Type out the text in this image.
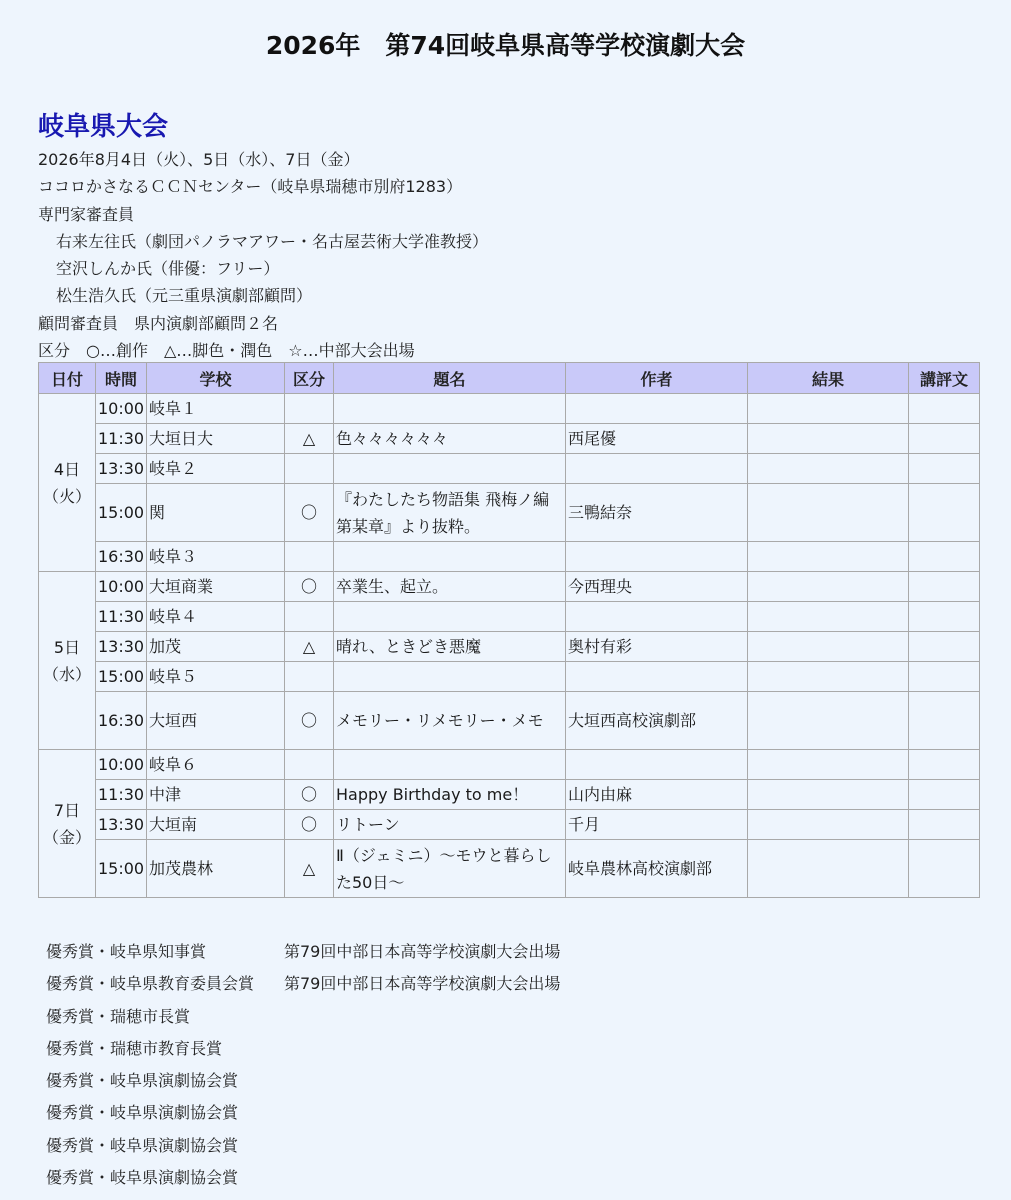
2026年　第74回岐阜県高等学校演劇大会
岐阜県大会
2026年8月4日（火）、5日（水）、7日（金）
ココロかさなるＣＣＮセンター（岐阜県瑞穂市別府1283）
専門家審査員
右来左往氏（劇団パノラマアワー・名古屋芸術大学准教授）
空沢しんか氏（俳優：フリー）
松生浩久氏（元三重県演劇部顧問）
顧問審査員　県内演劇部顧問２名
区分　○…創作　△…脚色・潤色　☆…中部大会出場
日付	時間	学校	区分	題名	作者	結果	講評文

4日
（火）	10:00	岐阜１					
	11:30	大垣日大	△	色々々々々々々	西尾優		
	13:30	岐阜２					
	15:00	関	〇	『わたしたち物語集 飛梅ノ編 第某章』より抜粋。	三鴨結奈		
	16:30	岐阜３					

5日
（水）	10:00	大垣商業	〇	卒業生、起立。	今西理央		
	11:30	岐阜４					
	13:30	加茂	△	晴れ、ときどき悪魔	奥村有彩		
	15:00	岐阜５					
	16:30	大垣西	〇	メモリー・リメモリー・メモ	大垣西高校演劇部		

7日
（金）	10:00	岐阜６					
	11:30	中津	〇	Happy Birthday to me！	山内由麻		
	13:30	大垣南	〇	リトーン	千月		
	15:00	加茂農林	△	Ⅱ（ジェミニ）～モウと暮らした50日～	岐阜農林高校演劇部		
優秀賞・岐阜県知事賞	第79回中部日本高等学校演劇大会出場
優秀賞・岐阜県教育委員会賞	第79回中部日本高等学校演劇大会出場
優秀賞・瑞穂市長賞
優秀賞・瑞穂市教育長賞
優秀賞・岐阜県演劇協会賞
優秀賞・岐阜県演劇協会賞
優秀賞・岐阜県演劇協会賞
優秀賞・岐阜県演劇協会賞
